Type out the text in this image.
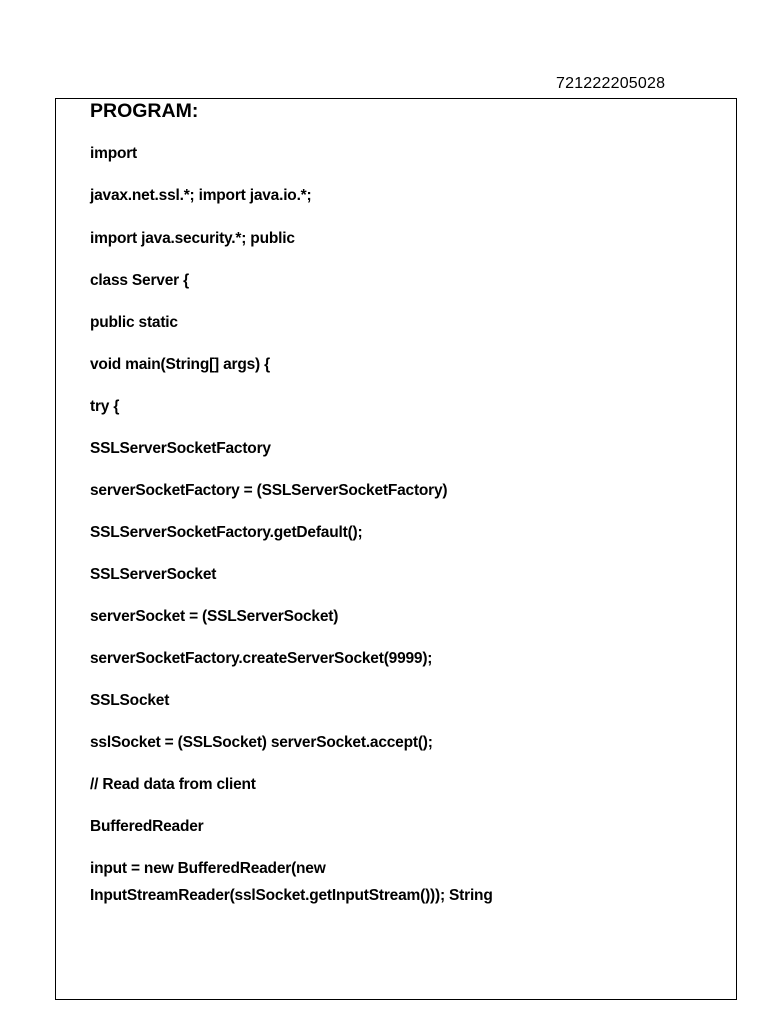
721222205028
PROGRAM:
import
javax.net.ssl.*; import java.io.*;
import java.security.*; public
class Server {
public static
void main(String[] args) {
try {
SSLServerSocketFactory
serverSocketFactory = (SSLServerSocketFactory)
SSLServerSocketFactory.getDefault();
SSLServerSocket
serverSocket = (SSLServerSocket)
serverSocketFactory.createServerSocket(9999);
SSLSocket
sslSocket = (SSLSocket) serverSocket.accept();
// Read data from client
BufferedReader
input = new BufferedReader(new
InputStreamReader(sslSocket.getInputStream())); String
